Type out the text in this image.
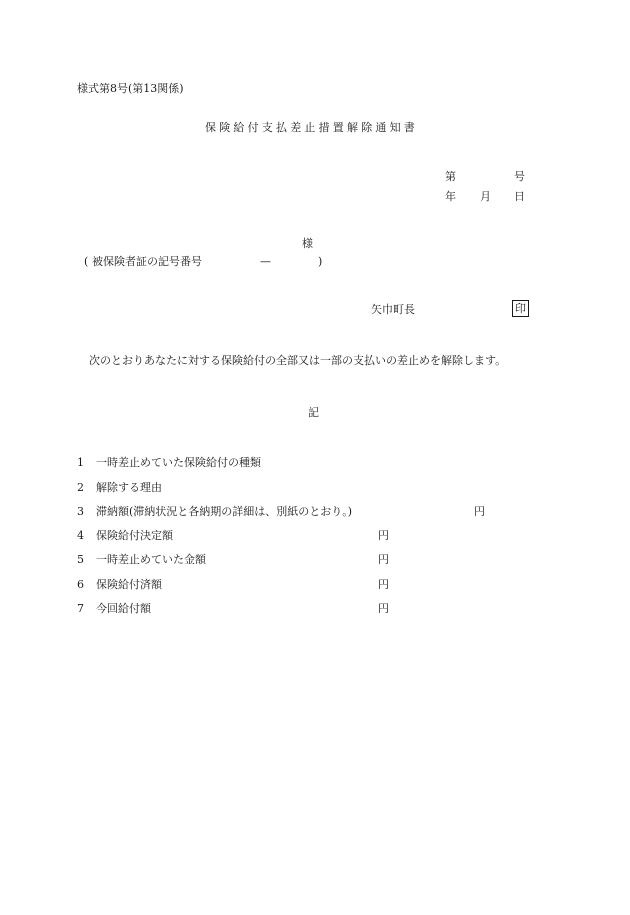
様式第8号(第13関係)
保険給付支払差止措置解除通知書
第	号
年 月 日
様
( 被保険者証の記号番号	—	)
矢巾町長	印
次のとおりあなたに対する保険給付の全部又は一部の支払いの差止めを解除します。
記
1 一時差止めていた保険給付の種類
2 解除する理由
3 滞納額(滞納状況と各納期の詳細は、別紙のとおり。)	円
4 保険給付決定額	円
5 一時差止めていた金額	円
6 保険給付済額	円
7 今回給付額	円
